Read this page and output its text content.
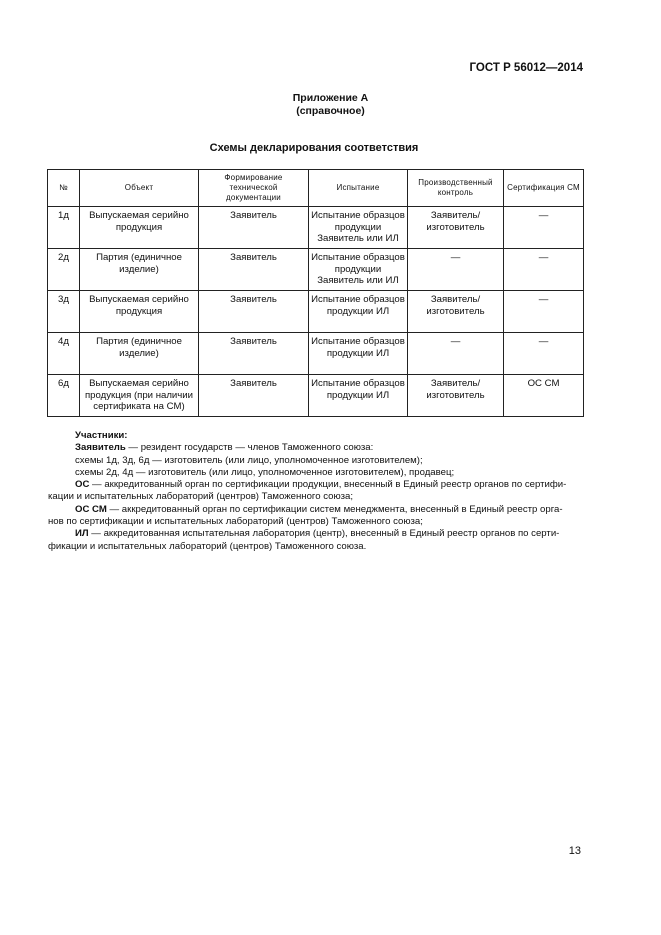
ГОСТ Р 56012—2014
Приложение А
(справочное)
Схемы декларирования соответствия
№	Объект	Формирование технической документации	Испытание	Производственный контроль	Сертификация СМ
1д	Выпускаемая серийно продукция	Заявитель	Испытание образцов продукции Заявитель или ИЛ	Заявитель/ изготовитель	—
2д	Партия (единичное изделие)	Заявитель	Испытание образцов продукции Заявитель или ИЛ	—	—
3д	Выпускаемая серийно продукция	Заявитель	Испытание образцов продукции ИЛ	Заявитель/ изготовитель	—
4д	Партия (единичное изделие)	Заявитель	Испытание образцов продукции ИЛ	—	—
6д	Выпускаемая серийно продукция (при наличии сертификата на СМ)	Заявитель	Испытание образцов продукции ИЛ	Заявитель/ изготовитель	ОС СМ

Участники:

Заявитель — резидент государств — членов Таможенного союза:

схемы 1д, 3д, 6д — изготовитель (или лицо, уполномоченное изготовителем);

схемы 2д, 4д — изготовитель (или лицо, уполномоченное изготовителем), продавец;

ОС — аккредитованный орган по сертификации продукции, внесенный в Единый реестр органов по сертифи-

кации и испытательных лабораторий (центров) Таможенного союза;

ОС СМ — аккредитованный орган по сертификации систем менеджмента, внесенный в Единый реестр орга-

нов по сертификации и испытательных лабораторий (центров) Таможенного союза;

ИЛ — аккредитованная испытательная лаборатория (центр), внесенный в Единый реестр органов по серти-

фикации и испытательных лабораторий (центров) Таможенного союза.

13
